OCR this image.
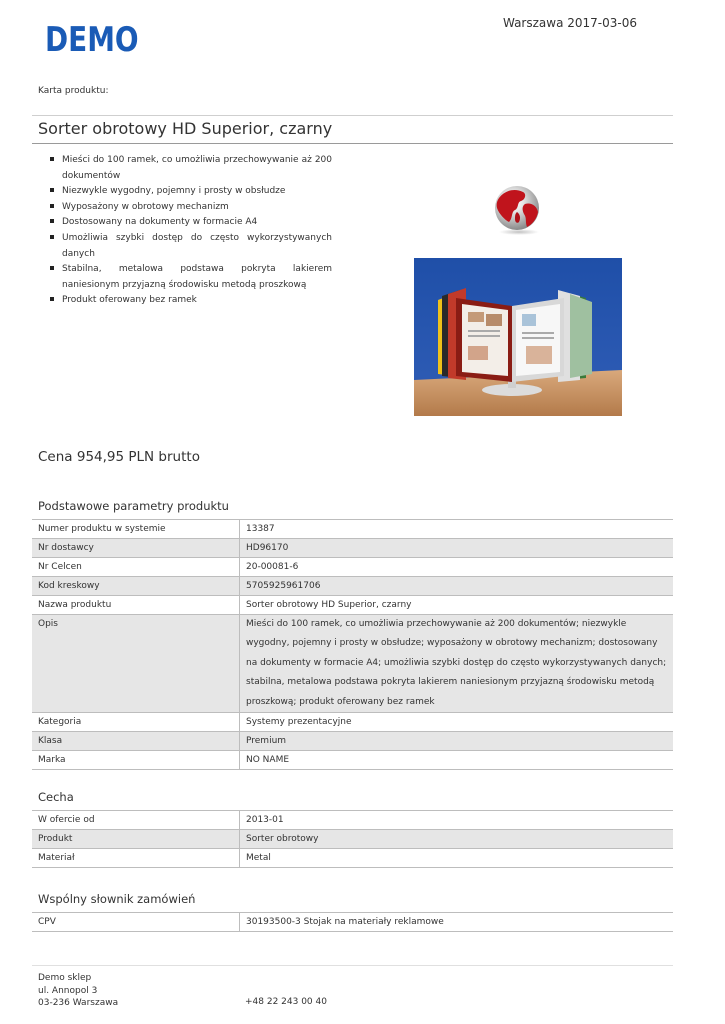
DEMO	Warszawa 2017-03-06
Karta produktu:
Sorter obrotowy HD Superior, czarny
Mieści do 100 ramek, co umożliwia przechowywanie aż 200 dokumentów
Niezwykle wygodny, pojemny i prosty w obsłudze
Wyposażony w obrotowy mechanizm
Dostosowany na dokumenty w formacie A4
Umożliwia szybki dostęp do często wykorzystywanych danych
Stabilna, metalowa podstawa pokryta lakierem naniesionym przyjazną środowisku metodą proszkową
Produkt oferowany bez ramek
Cena 954,95 PLN brutto
Podstawowe parametry produktu
Numer produktu w systemie	13387
Nr dostawcy	HD96170
Nr Celcen	20-00081-6
Kod kreskowy	5705925961706
Nazwa produktu	Sorter obrotowy HD Superior, czarny
Opis	Mieści do 100 ramek, co umożliwia przechowywanie aż 200 dokumentów; niezwykle wygodny, pojemny i prosty w obsłudze; wyposażony w obrotowy mechanizm; dostosowany na dokumenty w formacie A4; umożliwia szybki dostęp do często wykorzystywanych danych; stabilna, metalowa podstawa pokryta lakierem naniesionym przyjazną środowisku metodą proszkową; produkt oferowany bez ramek
Kategoria	Systemy prezentacyjne
Klasa	Premium
Marka	NO NAME
Cecha
W ofercie od	2013-01
Produkt	Sorter obrotowy
Materiał	Metal
Wspólny słownik zamówień
CPV	30193500-3 Stojak na materiały reklamowe
Demo sklep
ul. Annopol 3
03-236 Warszawa	+48 22 243 00 40
